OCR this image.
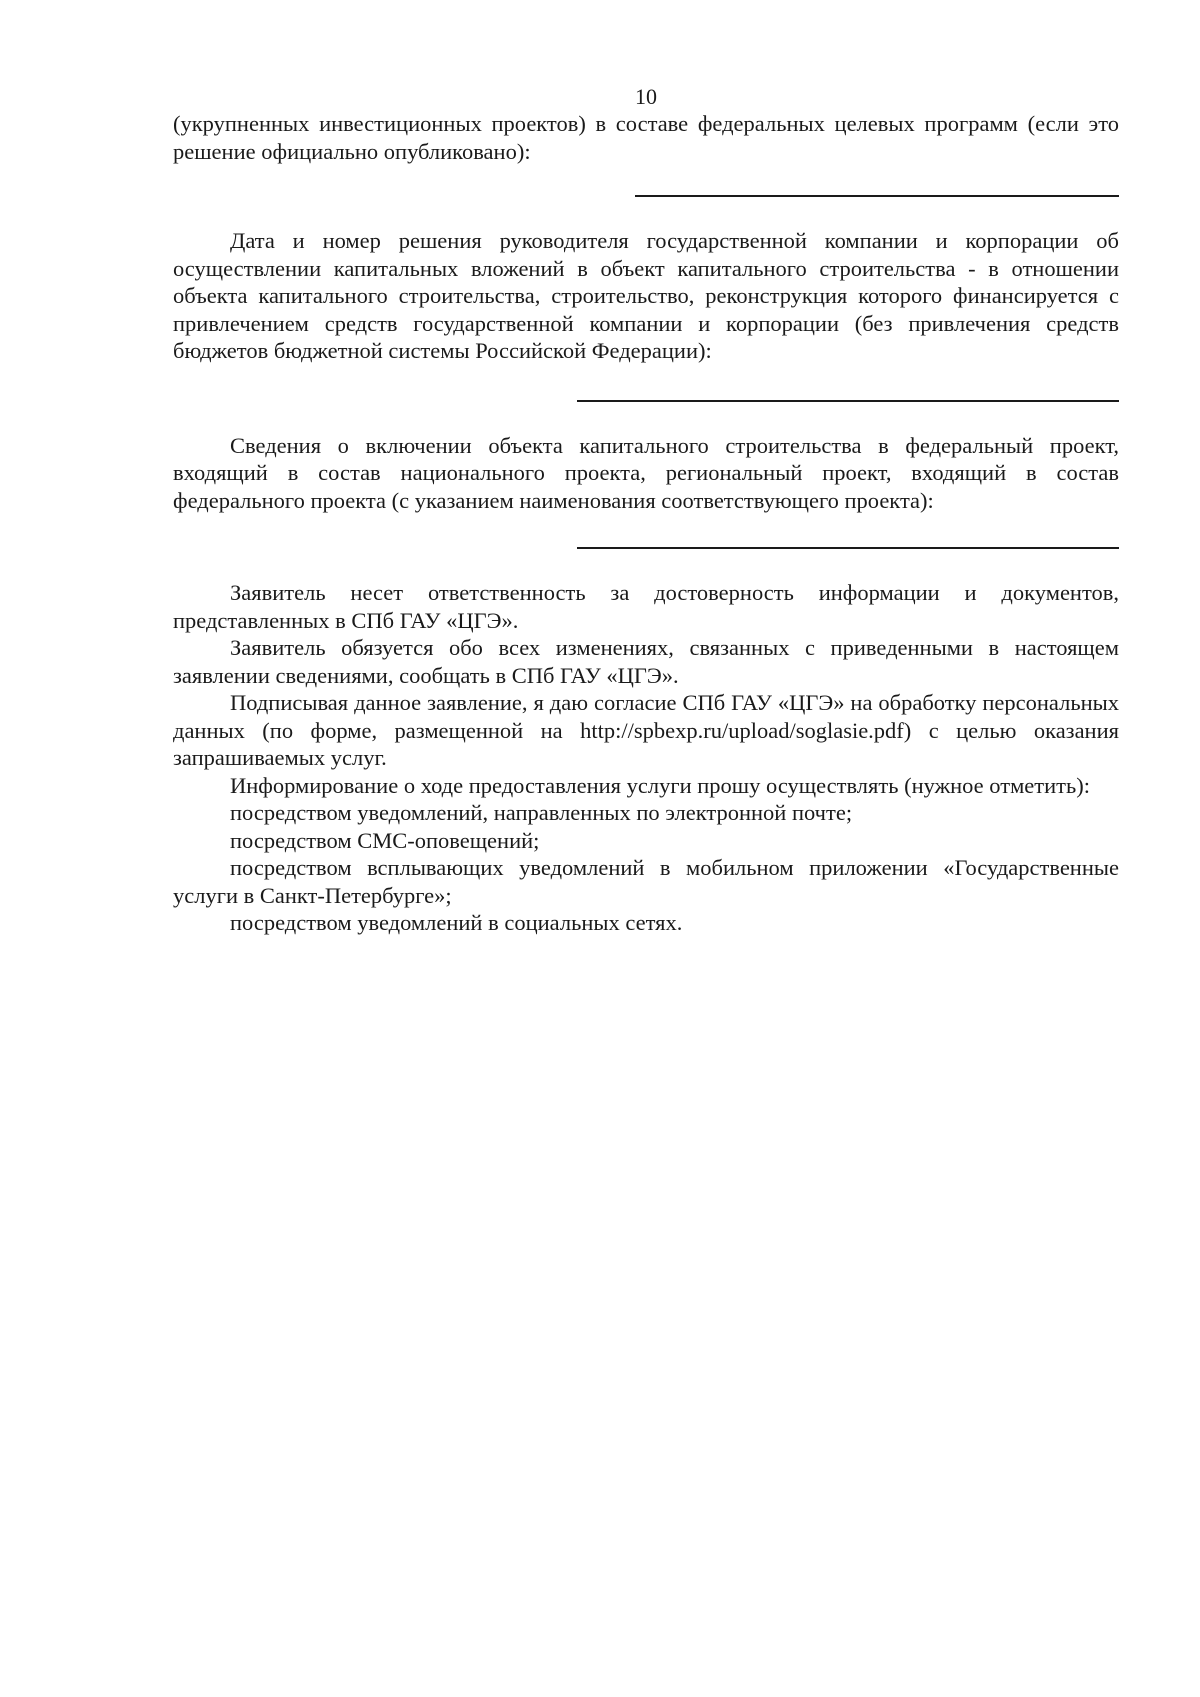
10

(укрупненных инвестиционных проектов) в составе федеральных целевых программ (если это решение официально опубликовано):

Дата и номер решения руководителя государственной компании и корпорации об осуществлении капитальных вложений в объект капитального строительства - в отношении объекта капитального строительства, строительство, реконструкция которого финансируется с привлечением средств государственной компании и корпорации (без привлечения средств бюджетов бюджетной системы Российской Федерации):

Сведения о включении объекта капитального строительства в федеральный проект, входящий в состав национального проекта, региональный проект, входящий в состав федерального проекта (с указанием наименования соответствующего проекта):

Заявитель несет ответственность за достоверность информации и документов, представленных в СПб ГАУ «ЦГЭ».

Заявитель обязуется обо всех изменениях, связанных с приведенными в настоящем заявлении сведениями, сообщать в СПб ГАУ «ЦГЭ».

Подписывая данное заявление, я даю согласие СПб ГАУ «ЦГЭ» на обработку персональных данных (по форме, размещенной на http://spbexp.ru/upload/soglasie.pdf) с целью оказания запрашиваемых услуг.

Информирование о ходе предоставления услуги прошу осуществлять (нужное отметить):

посредством уведомлений, направленных по электронной почте;

посредством СМС-оповещений;

посредством всплывающих уведомлений в мобильном приложении «Государственные услуги в Санкт-Петербурге»;

посредством уведомлений в социальных сетях.
